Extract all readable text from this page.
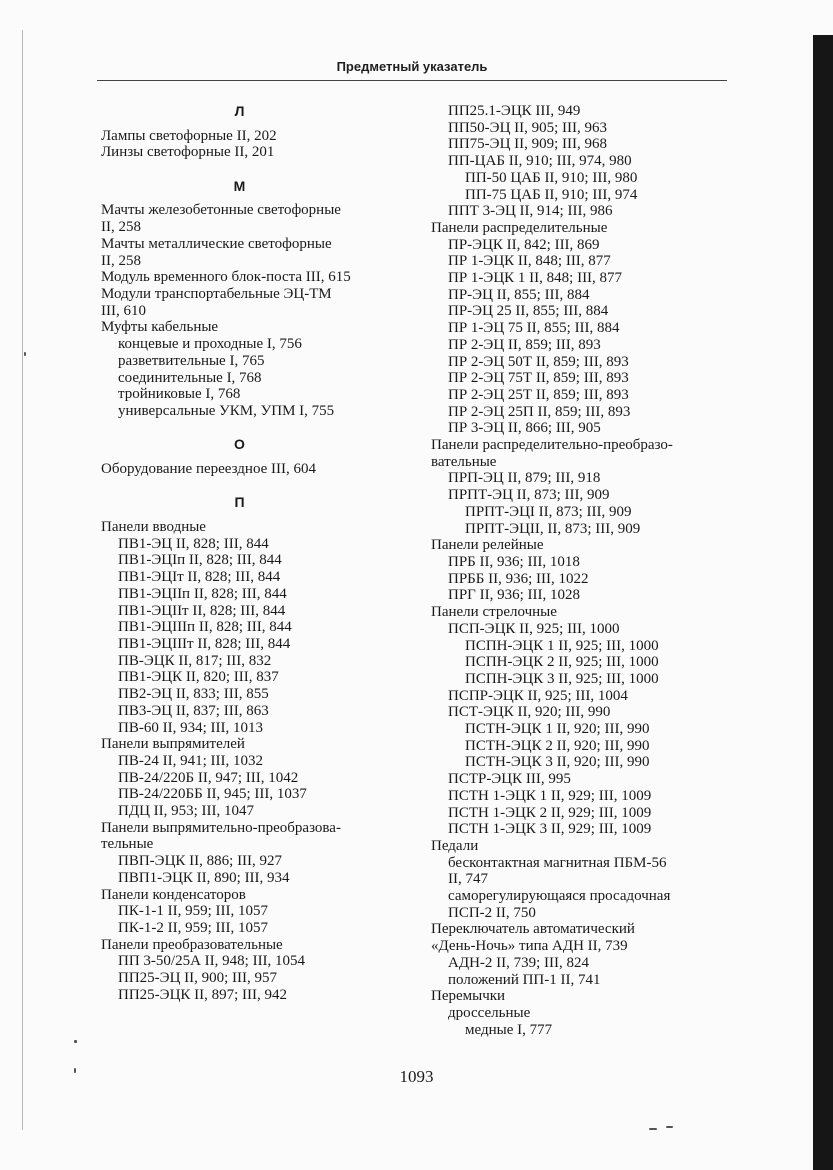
Предметный указатель
Л
Лампы светофорные II, 202
Линзы светофорные II, 201
М
Мачты железобетонные светофорные
II, 258
Мачты металлические светофорные
II, 258
Модуль временного блок-поста III, 615
Модули транспортабельные ЭЦ-ТМ
III, 610
Муфты кабельные
концевые и проходные I, 756
разветвительные I, 765
соединительные I, 768
тройниковые I, 768
универсальные УКМ, УПМ I, 755
О
Оборудование переездное III, 604
П
Панели вводные
ПВ1-ЭЦ II, 828; III, 844
ПВ1-ЭЦIп II, 828; III, 844
ПВ1-ЭЦIт II, 828; III, 844
ПВ1-ЭЦIIп II, 828; III, 844
ПВ1-ЭЦIIт II, 828; III, 844
ПВ1-ЭЦIIIп II, 828; III, 844
ПВ1-ЭЦIIIт II, 828; III, 844
ПВ-ЭЦК II, 817; III, 832
ПВ1-ЭЦК II, 820; III, 837
ПВ2-ЭЦ II, 833; III, 855
ПВ3-ЭЦ II, 837; III, 863
ПВ-60 II, 934; III, 1013
Панели выпрямителей
ПВ-24 II, 941; III, 1032
ПВ-24/220Б II, 947; III, 1042
ПВ-24/220ББ II, 945; III, 1037
ПДЦ II, 953; III, 1047
Панели выпрямительно-преобразова-
тельные
ПВП-ЭЦК II, 886; III, 927
ПВП1-ЭЦК II, 890; III, 934
Панели конденсаторов
ПК-1-1 II, 959; III, 1057
ПК-1-2 II, 959; III, 1057
Панели преобразовательные
ПП 3-50/25А II, 948; III, 1054
ПП25-ЭЦ II, 900; III, 957
ПП25-ЭЦК II, 897; III, 942
ПП25.1-ЭЦК III, 949
ПП50-ЭЦ II, 905; III, 963
ПП75-ЭЦ II, 909; III, 968
ПП-ЦАБ II, 910; III, 974, 980
ПП-50 ЦАБ II, 910; III, 980
ПП-75 ЦАБ II, 910; III, 974
ППТ 3-ЭЦ II, 914; III, 986
Панели распределительные
ПР-ЭЦК II, 842; III, 869
ПР 1-ЭЦК II, 848; III, 877
ПР 1-ЭЦК 1 II, 848; III, 877
ПР-ЭЦ II, 855; III, 884
ПР-ЭЦ 25 II, 855; III, 884
ПР 1-ЭЦ 75 II, 855; III, 884
ПР 2-ЭЦ II, 859; III, 893
ПР 2-ЭЦ 50Т II, 859; III, 893
ПР 2-ЭЦ 75Т II, 859; III, 893
ПР 2-ЭЦ 25Т II, 859; III, 893
ПР 2-ЭЦ 25П II, 859; III, 893
ПР 3-ЭЦ II, 866; III, 905
Панели распределительно-преобразо-
вательные
ПРП-ЭЦ II, 879; III, 918
ПРПТ-ЭЦ II, 873; III, 909
ПРПТ-ЭЦI II, 873; III, 909
ПРПТ-ЭЦII, II, 873; III, 909
Панели релейные
ПРБ II, 936; III, 1018
ПРББ II, 936; III, 1022
ПРГ II, 936; III, 1028
Панели стрелочные
ПСП-ЭЦК II, 925; III, 1000
ПСПН-ЭЦК 1 II, 925; III, 1000
ПСПН-ЭЦК 2 II, 925; III, 1000
ПСПН-ЭЦК 3 II, 925; III, 1000
ПСПР-ЭЦК II, 925; III, 1004
ПСТ-ЭЦК II, 920; III, 990
ПСТН-ЭЦК 1 II, 920; III, 990
ПСТН-ЭЦК 2 II, 920; III, 990
ПСТН-ЭЦК 3 II, 920; III, 990
ПСТР-ЭЦК III, 995
ПСТН 1-ЭЦК 1 II, 929; III, 1009
ПСТН 1-ЭЦК 2 II, 929; III, 1009
ПСТН 1-ЭЦК 3 II, 929; III, 1009
Педали
бесконтактная магнитная ПБМ-56
II, 747
саморегулирующаяся просадочная
ПСП-2 II, 750
Переключатель автоматический
«День-Ночь» типа АДН II, 739
АДН-2 II, 739; III, 824
положений ПП-1 II, 741
Перемычки
дроссельные
медные I, 777
1093
